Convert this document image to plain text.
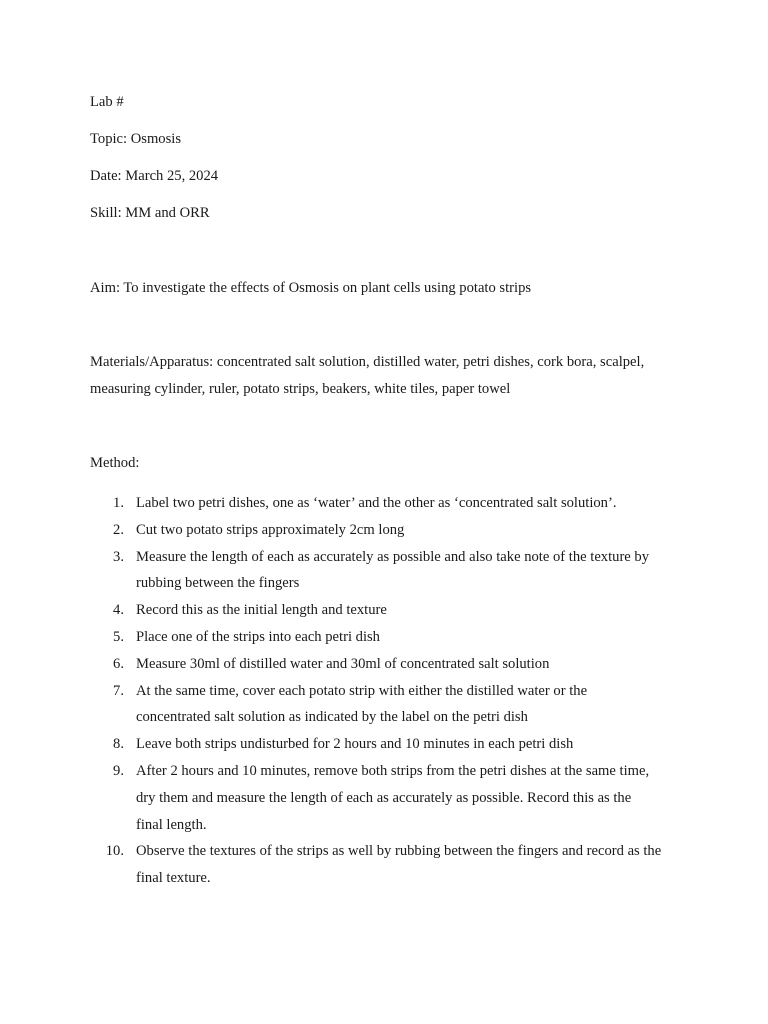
Lab #
Topic: Osmosis
Date: March 25, 2024
Skill: MM and ORR
Aim: To investigate the effects of Osmosis on plant cells using potato strips
Materials/Apparatus: concentrated salt solution, distilled water, petri dishes, cork bora, scalpel,
measuring cylinder, ruler, potato strips, beakers, white tiles, paper towel
Method:
1. Label two petri dishes, one as ‘water’ and the other as ‘concentrated salt solution’.
2. Cut two potato strips approximately 2cm long
3. Measure the length of each as accurately as possible and also take note of the texture by
rubbing between the fingers
4. Record this as the initial length and texture
5. Place one of the strips into each petri dish
6. Measure 30ml of distilled water and 30ml of concentrated salt solution
7. At the same time, cover each potato strip with either the distilled water or the
concentrated salt solution as indicated by the label on the petri dish
8. Leave both strips undisturbed for 2 hours and 10 minutes in each petri dish
9. After 2 hours and 10 minutes, remove both strips from the petri dishes at the same time,
dry them and measure the length of each as accurately as possible. Record this as the
final length.
10. Observe the textures of the strips as well by rubbing between the fingers and record as the
final texture.
